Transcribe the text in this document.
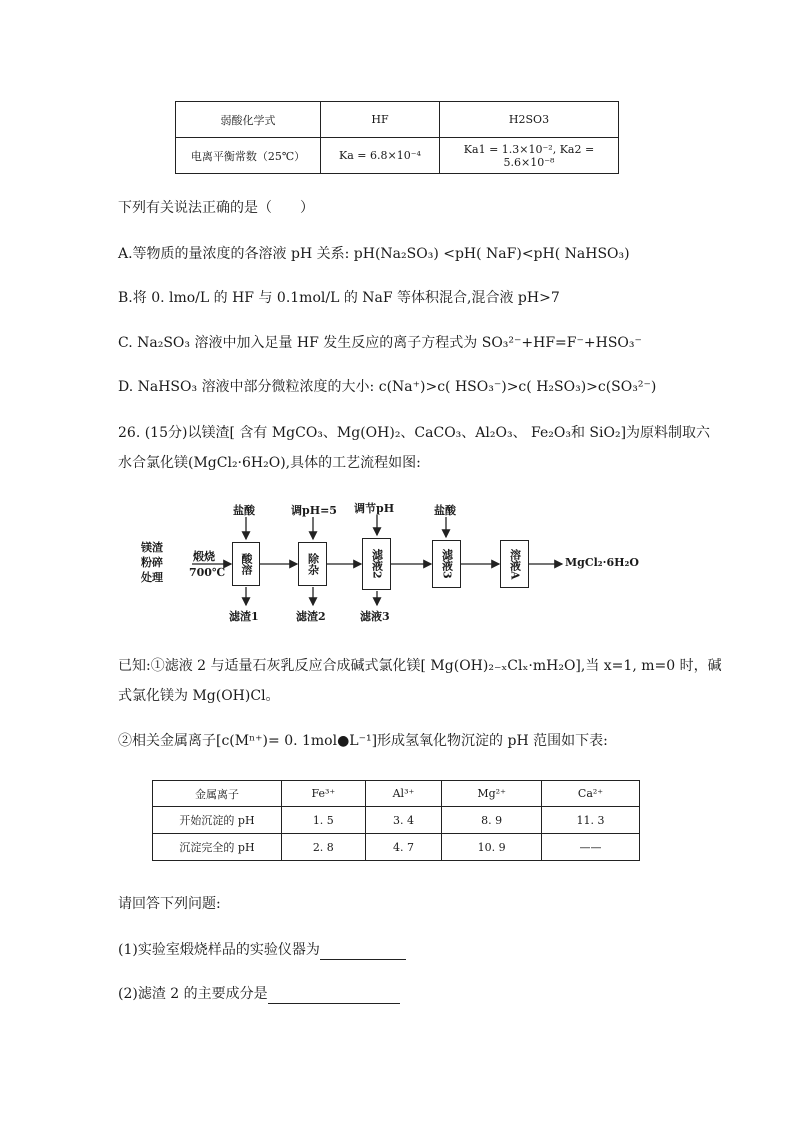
弱酸化学式	HF	H2SO3
电离平衡常数（25℃）	Ka = 6.8×10⁻⁴	Ka1 = 1.3×10⁻², Ka2 = 5.6×10⁻⁸
下列有关说法正确的是（　　）
A.等物质的量浓度的各溶液 pH 关系: pH(Na₂SO₃) <pH( NaF)<pH( NaHSO₃)
B.将 0. lmo/L 的 HF 与 0.1mol/L 的 NaF 等体积混合,混合液 pH>7
C. Na₂SO₃ 溶液中加入足量 HF 发生反应的离子方程式为 SO₃²⁻+HF=F⁻+HSO₃⁻
D. NaHSO₃ 溶液中部分微粒浓度的大小: c(Na⁺)>c( HSO₃⁻)>c( H₂SO₃)>c(SO₃²⁻)
26. (15分)以镁渣[ 含有 MgCO₃、Mg(OH)₂、CaCO₃、Al₂O₃、 Fe₂O₃和 SiO₂]为原料制取六
水合氯化镁(MgCl₂·6H₂O),具体的工艺流程如图:
镁渣粉碎处理
煅烧
700℃
盐酸	调pH=5 调节pH	盐酸
酸溶	除杂	滤液2	滤液3	溶液A	MgCl₂·6H₂O
滤渣1	滤渣2	滤液3
已知:①滤液 2 与适量石灰乳反应合成碱式氯化镁[ Mg(OH)₂₋ₓClₓ·mH₂O],当 x=1, m=0 时，碱
式氯化镁为 Mg(OH)Cl。
②相关金属离子[c(Mⁿ⁺)= 0. 1mol●L⁻¹]形成氢氧化物沉淀的 pH 范围如下表:
金属离子	Fe³⁺	Al³⁺	Mg²⁺	Ca²⁺
开始沉淀的 pH	1. 5	3. 4	8. 9	11. 3
沉淀完全的 pH	2. 8	4. 7	10. 9	——
请回答下列问题:
(1)实验室煅烧样品的实验仪器为
(2)滤渣 2 的主要成分是
